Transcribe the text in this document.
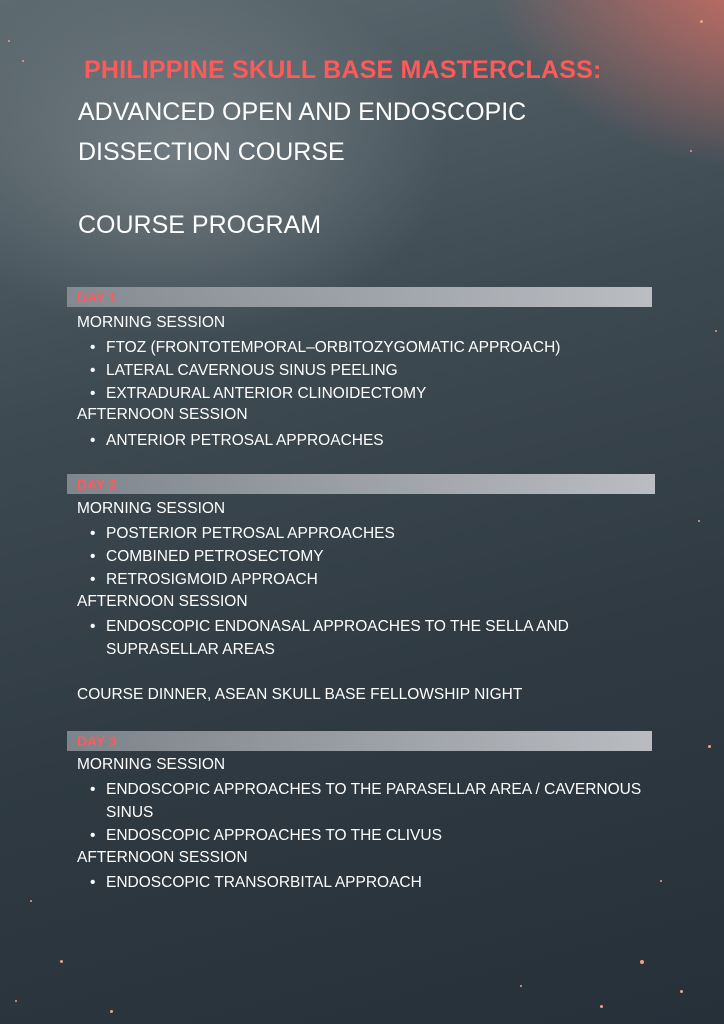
PHILIPPINE SKULL BASE MASTERCLASS:
ADVANCED OPEN AND ENDOSCOPIC
DISSECTION COURSE
COURSE PROGRAM
DAY 1
MORNING SESSION
• FTOZ (FRONTOTEMPORAL–ORBITOZYGOMATIC APPROACH)
• LATERAL CAVERNOUS SINUS PEELING
• EXTRADURAL ANTERIOR CLINOIDECTOMY
AFTERNOON SESSION
• ANTERIOR PETROSAL APPROACHES
DAY 2
MORNING SESSION
• POSTERIOR PETROSAL APPROACHES
• COMBINED PETROSECTOMY
• RETROSIGMOID APPROACH
AFTERNOON SESSION
• ENDOSCOPIC ENDONASAL APPROACHES TO THE SELLA AND SUPRASELLAR AREAS
COURSE DINNER, ASEAN SKULL BASE FELLOWSHIP NIGHT
DAY 3
MORNING SESSION
• ENDOSCOPIC APPROACHES TO THE PARASELLAR AREA / CAVERNOUS SINUS
• ENDOSCOPIC APPROACHES TO THE CLIVUS
AFTERNOON SESSION
• ENDOSCOPIC TRANSORBITAL APPROACH
